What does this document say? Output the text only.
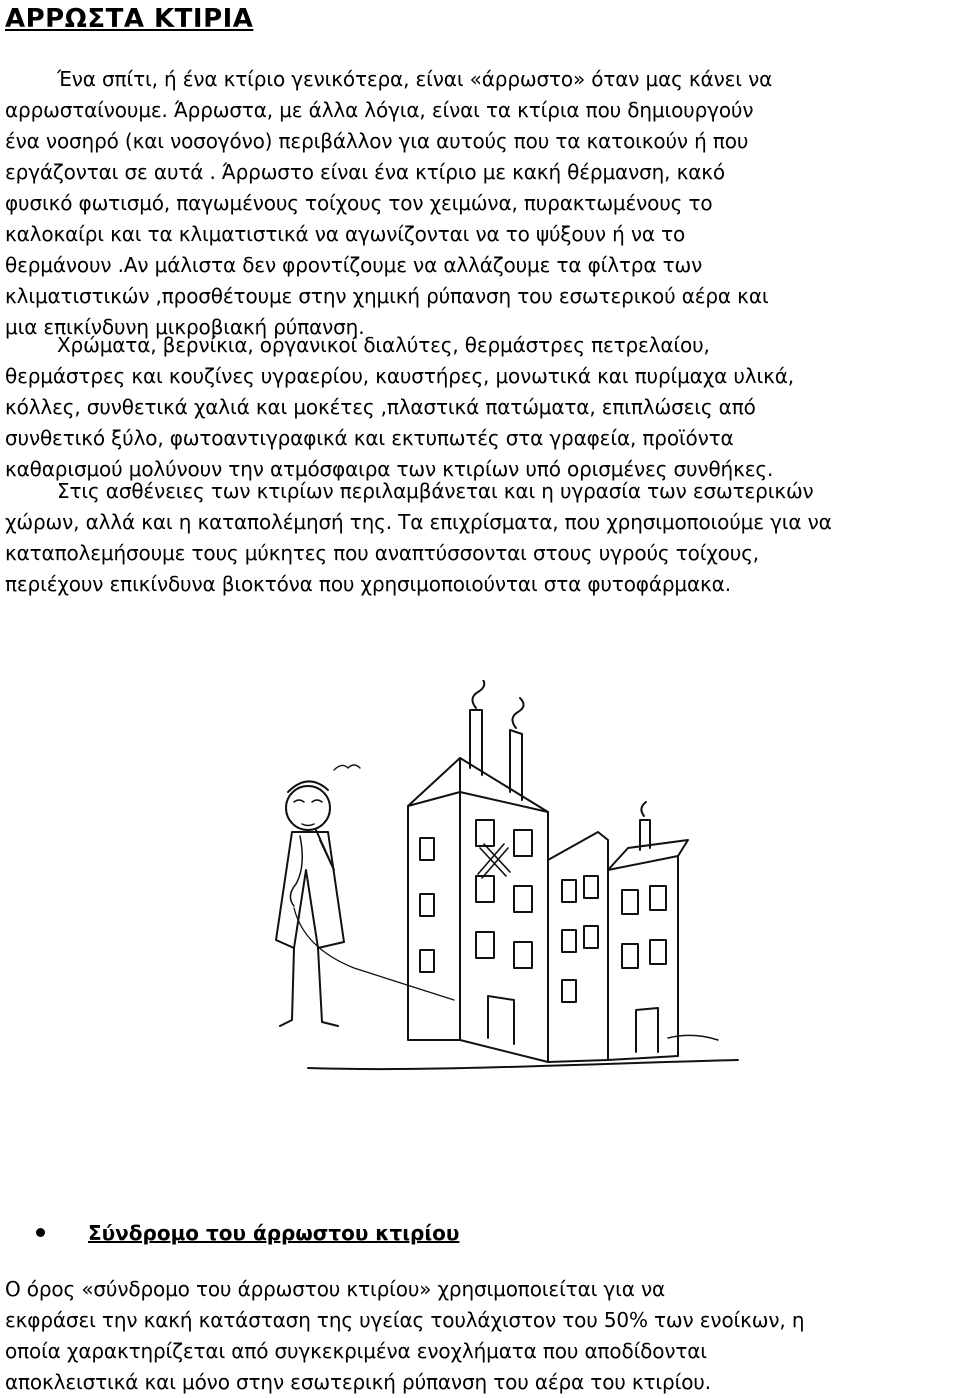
ΑΡΡΩΣΤΑ ΚΤΙΡΙΑ
Ένα σπίτι, ή ένα κτίριο γενικότερα, είναι «άρρωστο» όταν μας κάνει να
αρρωσταίνουμε. Άρρωστα, με άλλα λόγια, είναι τα κτίρια που δημιουργούν
ένα νοσηρό (και νοσογόνο) περιβάλλον για αυτούς που τα κατοικούν ή που
εργάζονται σε αυτά . Άρρωστο είναι ένα κτίριο με κακή θέρμανση, κακό
φυσικό φωτισμό, παγωμένους τοίχους τον χειμώνα, πυρακτωμένους το
καλοκαίρι και τα κλιματιστικά να αγωνίζονται να το ψύξουν ή να το
θερμάνουν .Αν μάλιστα δεν φροντίζουμε να αλλάζουμε τα φίλτρα των
κλιματιστικών ,προσθέτουμε στην χημική ρύπανση του εσωτερικού αέρα και
μια επικίνδυνη μικροβιακή ρύπανση.
Χρώματα, βερνίκια, οργανικοί διαλύτες, θερμάστρες πετρελαίου,
θερμάστρες και κουζίνες υγραερίου, καυστήρες, μονωτικά και πυρίμαχα υλικά,
κόλλες, συνθετικά χαλιά και μοκέτες ,πλαστικά πατώματα, επιπλώσεις από
συνθετικό ξύλο, φωτοαντιγραφικά και εκτυπωτές στα γραφεία, προϊόντα
καθαρισμού μολύνουν την ατμόσφαιρα των κτιρίων υπό ορισμένες συνθήκες.
Στις ασθένειες των κτιρίων περιλαμβάνεται και η υγρασία των εσωτερικών
χώρων, αλλά και η καταπολέμησή της. Τα επιχρίσματα, που χρησιμοποιούμε για να
καταπολεμήσουμε τους μύκητες που αναπτύσσονται στους υγρούς τοίχους,
περιέχουν επικίνδυνα βιοκτόνα που χρησιμοποιούνται στα φυτοφάρμακα.
Σύνδρομο του άρρωστου κτιρίου
Ο όρος «σύνδρομο του άρρωστου κτιρίου» χρησιμοποιείται για να
εκφράσει την κακή κατάσταση της υγείας τουλάχιστον του 50% των ενοίκων, η
οποία χαρακτηρίζεται από συγκεκριμένα ενοχλήματα που αποδίδονται
αποκλειστικά και μόνο στην εσωτερική ρύπανση του αέρα του κτιρίου.
